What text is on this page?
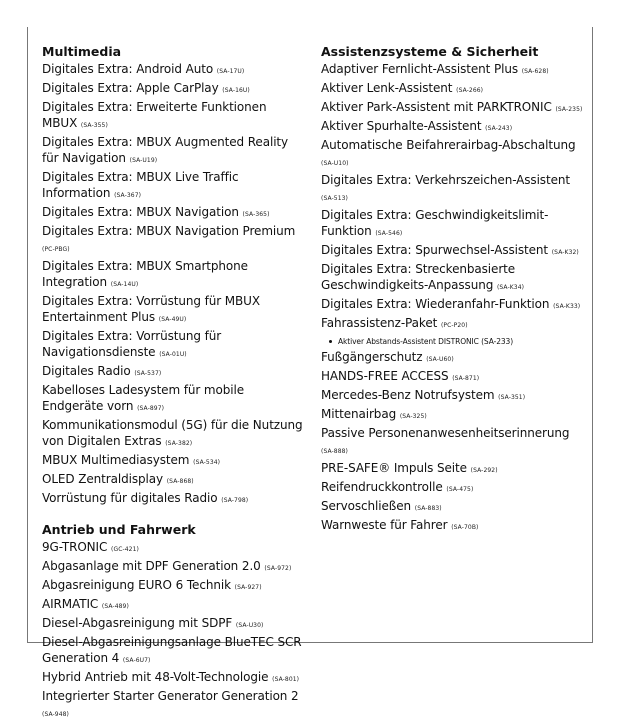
Multimedia

Digitales Extra: Android Auto (SA-17U)

Digitales Extra: Apple CarPlay (SA-16U)

Digitales Extra: Erweiterte Funktionen MBUX (SA-355)

Digitales Extra: MBUX Augmented Reality für Navigation (SA-U19)

Digitales Extra: MBUX Live Traffic Information (SA-367)

Digitales Extra: MBUX Navigation (SA-365)

Digitales Extra: MBUX Navigation Premium (PC-PBG)

Digitales Extra: MBUX Smartphone Integration (SA-14U)

Digitales Extra: Vorrüstung für MBUX Entertainment Plus (SA-49U)

Digitales Extra: Vorrüstung für Navigationsdienste (SA-01U)

Digitales Radio (SA-537)

Kabelloses Ladesystem für mobile Endgeräte vorn (SA-897)

Kommunikationsmodul (5G) für die Nutzung von Digitalen Extras (SA-382)

MBUX Multimediasystem (SA-534)

OLED Zentraldisplay (SA-868)

Vorrüstung für digitales Radio (SA-798)

Antrieb und Fahrwerk

9G-TRONIC (GC-421)

Abgasanlage mit DPF Generation 2.0 (SA-972)

Abgasreinigung EURO 6 Technik (SA-927)

AIRMATIC (SA-489)

Diesel-Abgasreinigung mit SDPF (SA-U30)

Diesel-Abgasreinigungsanlage BlueTEC SCR Generation 4 (SA-6U7)

Hybrid Antrieb mit 48-Volt-Technologie (SA-801)

Integrierter Starter Generator Generation 2 (SA-948)

Assistenzsysteme & Sicherheit

Adaptiver Fernlicht-Assistent Plus (SA-628)

Aktiver Lenk-Assistent (SA-266)

Aktiver Park-Assistent mit PARKTRONIC (SA-235)

Aktiver Spurhalte-Assistent (SA-243)

Automatische Beifahrerairbag-Abschaltung (SA-U10)

Digitales Extra: Verkehrszeichen-Assistent (SA-513)

Digitales Extra: Geschwindigkeitslimit-Funktion (SA-546)

Digitales Extra: Spurwechsel-Assistent (SA-K32)

Digitales Extra: Streckenbasierte Geschwindigkeits-Anpassung (SA-K34)

Digitales Extra: Wiederanfahr-Funktion (SA-K33)

Fahrassistenz-Paket (PC-P20)

Aktiver Abstands-Assistent DISTRONIC (SA-233)

Fußgängerschutz (SA-U60)

HANDS-FREE ACCESS (SA-871)

Mercedes-Benz Notrufsystem (SA-351)

Mittenairbag (SA-325)

Passive Personenanwesenheitserinnerung (SA-888)

PRE-SAFE® Impuls Seite (SA-292)

Reifendruckkontrolle (SA-475)

Servoschließen (SA-883)

Warnweste für Fahrer (SA-70B)
